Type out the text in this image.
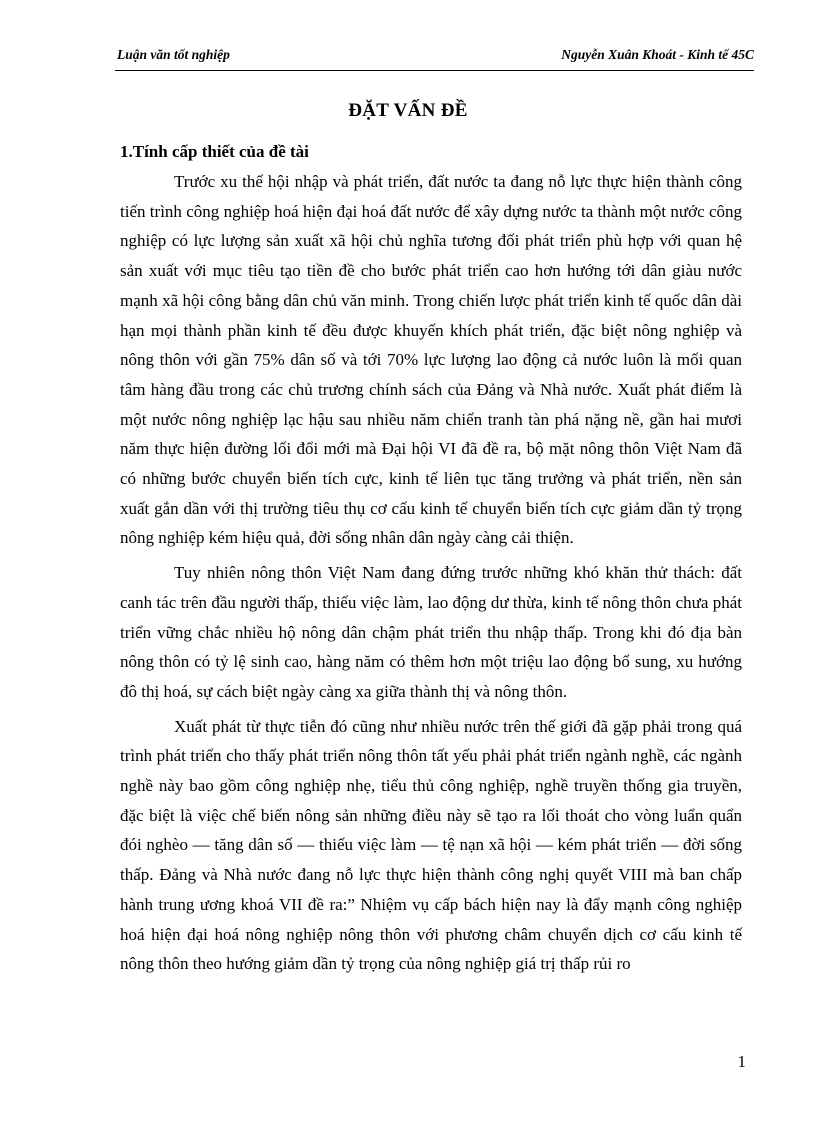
Luận văn tốt nghiệp	Nguyễn Xuân Khoát - Kinh tế 45C
ĐẶT VẤN ĐỀ
1.Tính cấp thiết của đề tài

Trước xu thế hội nhập và phát triển, đất nước ta đang nỗ lực thực hiện thành công tiến trình công nghiệp hoá hiện đại hoá đất nước để xây dựng nước ta thành một nước công nghiệp có lực lượng sản xuất xã hội chủ nghĩa tương đối phát triển phù hợp với quan hệ sản xuất với mục tiêu tạo tiền đề cho bước phát triển cao hơn hướng tới dân giàu nước mạnh xã hội công bằng dân chủ văn minh. Trong chiến lược phát triển kinh tế quốc dân dài hạn mọi thành phần kinh tế đều được khuyến khích phát triển, đặc biệt nông nghiệp và nông thôn với gần 75% dân số và tới 70% lực lượng lao động cả nước luôn là mối quan tâm hàng đầu trong các chủ trương chính sách của Đảng và Nhà nước. Xuất phát điểm là một nước nông nghiệp lạc hậu sau nhiều năm chiến tranh tàn phá nặng nề, gần hai mươi năm thực hiện đường lối đổi mới mà Đại hội VI đã đề ra, bộ mặt nông thôn Việt Nam đã có những bước chuyển biến tích cực, kinh tế liên tục tăng trưởng và phát triển, nền sản xuất gắn dần với thị trường tiêu thụ cơ cấu kinh tế chuyển biến tích cực giảm dần tỷ trọng nông nghiệp kém hiệu quả, đời sống nhân dân ngày càng cải thiện.

Tuy nhiên nông thôn Việt Nam đang đứng trước những khó khăn thử thách: đất canh tác trên đầu người thấp, thiếu việc làm, lao động dư thừa, kinh tế nông thôn chưa phát triển vững chắc nhiều hộ nông dân chậm phát triển thu nhập thấp. Trong khi đó địa bàn nông thôn có tỷ lệ sinh cao, hàng năm có thêm hơn một triệu lao động bổ sung, xu hướng đô thị hoá, sự cách biệt ngày càng xa giữa thành thị và nông thôn.

Xuất phát từ thực tiễn đó cũng như nhiều nước trên thế giới đã gặp phải trong quá trình phát triển cho thấy phát triển nông thôn tất yếu phải phát triển ngành nghề, các ngành nghề này bao gồm công nghiệp nhẹ, tiểu thủ công nghiệp, nghề truyền thống gia truyền, đặc biệt là việc chế biến nông sản những điều này sẽ tạo ra lối thoát cho vòng luẩn quẩn đói nghèo — tăng dân số — thiếu việc làm — tệ nạn xã hội — kém phát triển — đời sống thấp. Đảng và Nhà nước đang nỗ lực thực hiện thành công nghị quyết VIII mà ban chấp hành trung ương khoá VII đề ra:” Nhiệm vụ cấp bách hiện nay là đẩy mạnh công nghiệp hoá hiện đại hoá nông nghiệp nông thôn với phương châm chuyển dịch cơ cấu kinh tế nông thôn theo hướng giảm dần tỷ trọng của nông nghiệp giá trị thấp rủi ro

1
